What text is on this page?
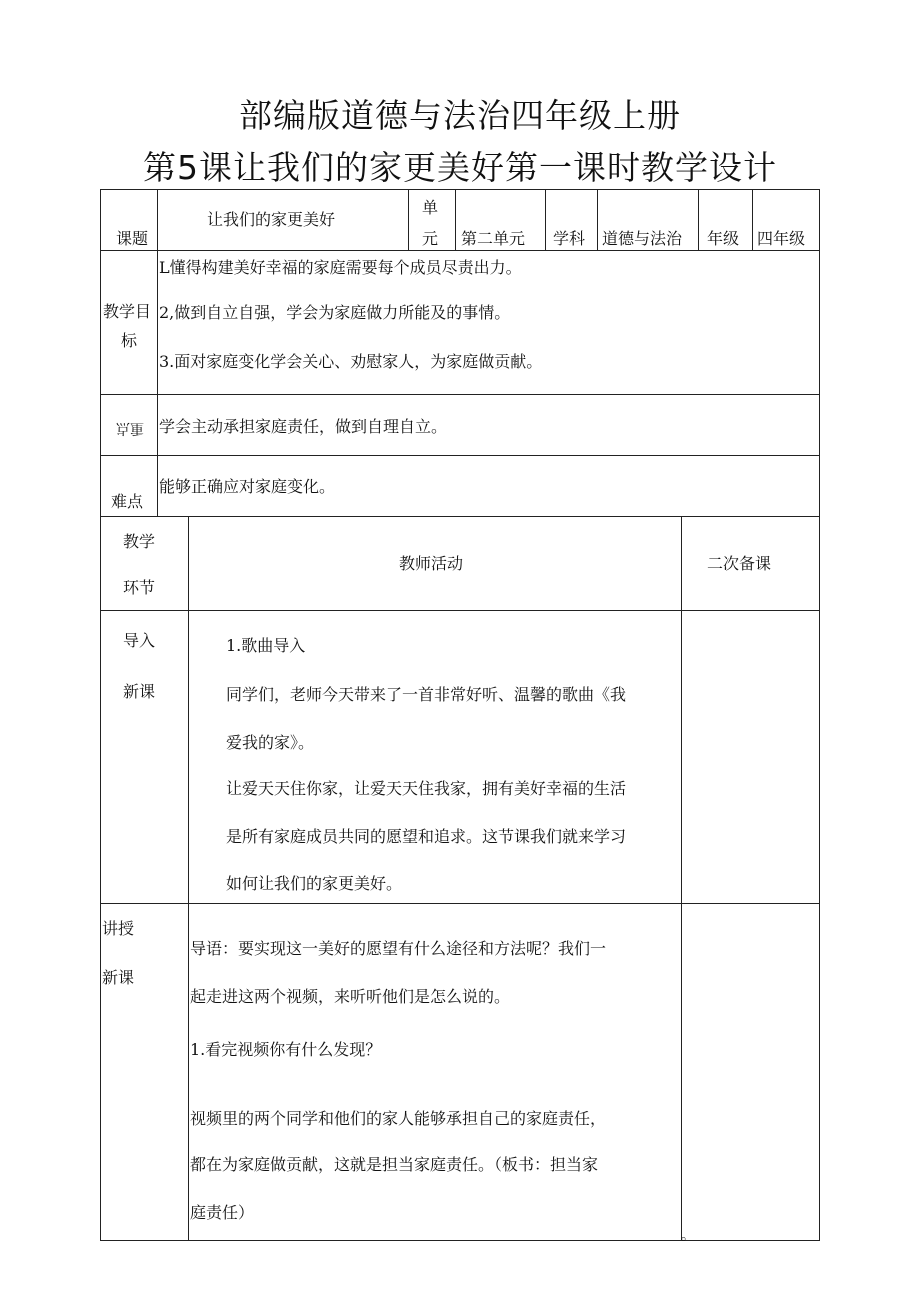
部编版道德与法治四年级上册
第5课让我们的家更美好第一课时教学设计
课题
让我们的家更美好
单
元 第二单元 学科 道德与法治 年级 四年级
教学目
标
L懂得构建美好幸福的家庭需要每个成员尽责出力。
2,做到自立自强，学会为家庭做力所能及的事情。
3.面对家庭变化学会关心、劝慰家人，为家庭做贡献。
重点 学会主动承担家庭责任，做到自理自立。
难点
能够正确应对家庭变化。
教学
环节
教师活动	二次备课
导入
新课
1.歌曲导入
同学们，老师今天带来了一首非常好听、温馨的歌曲《我
爱我的家》。
让爱天天住你家，让爱天天住我家，拥有美好幸福的生活
是所有家庭成员共同的愿望和追求。这节课我们就来学习
如何让我们的家更美好。
讲授
新课
导语：要实现这一美好的愿望有什么途径和方法呢？我们一
起走进这两个视频，来听听他们是怎么说的。
1.看完视频你有什么发现？
视频里的两个同学和他们的家人能够承担自己的家庭责任，
都在为家庭做贡献，这就是担当家庭责任。（板书：担当家
庭责任）
。
